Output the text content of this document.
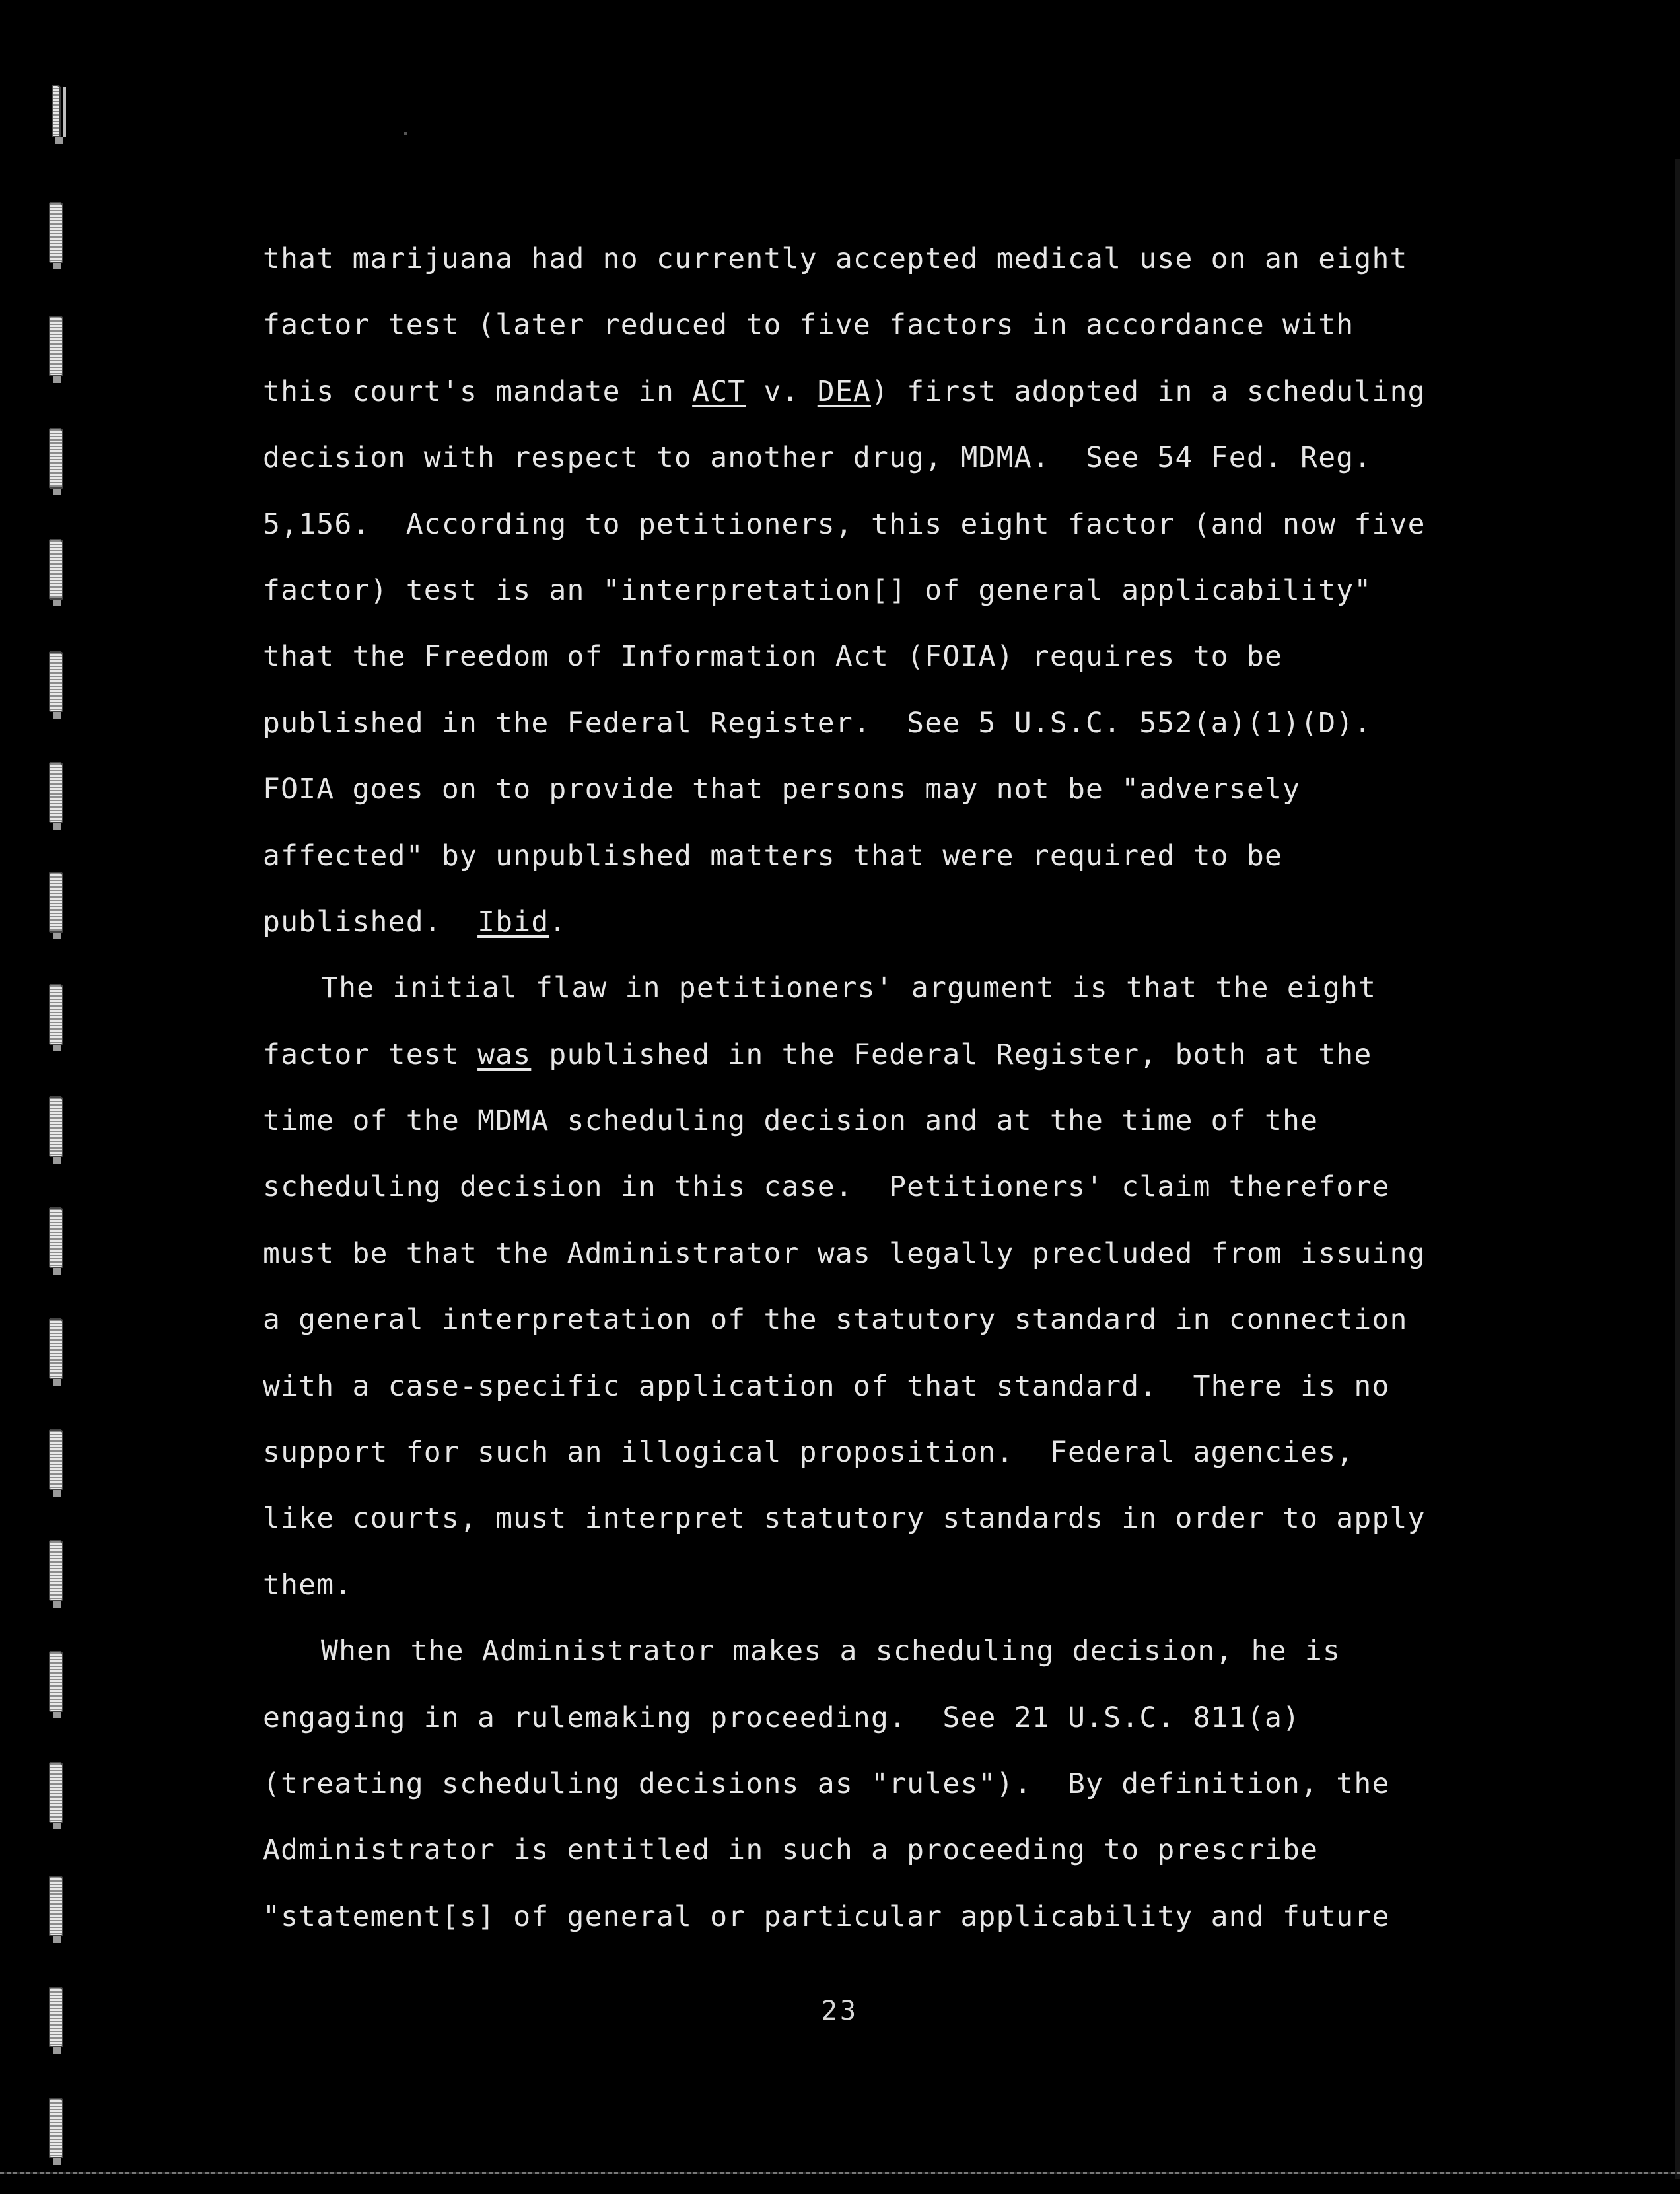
that marijuana had no currently accepted medical use on an eight
factor test (later reduced to five factors in accordance with
this court's mandate in ACT v. DEA) first adopted in a scheduling
decision with respect to another drug, MDMA.  See 54 Fed. Reg.
5,156.  According to petitioners, this eight factor (and now five
factor) test is an "interpretation[] of general applicability"
that the Freedom of Information Act (FOIA) requires to be
published in the Federal Register.  See 5 U.S.C. 552(a)(1)(D).
FOIA goes on to provide that persons may not be "adversely
affected" by unpublished matters that were required to be
published.  Ibid.
The initial flaw in petitioners' argument is that the eight
factor test was published in the Federal Register, both at the
time of the MDMA scheduling decision and at the time of the
scheduling decision in this case.  Petitioners' claim therefore
must be that the Administrator was legally precluded from issuing
a general interpretation of the statutory standard in connection
with a case-specific application of that standard.  There is no
support for such an illogical proposition.  Federal agencies,
like courts, must interpret statutory standards in order to apply
them.
When the Administrator makes a scheduling decision, he is
engaging in a rulemaking proceeding.  See 21 U.S.C. 811(a)
(treating scheduling decisions as "rules").  By definition, the
Administrator is entitled in such a proceeding to prescribe
"statement[s] of general or particular applicability and future
23
